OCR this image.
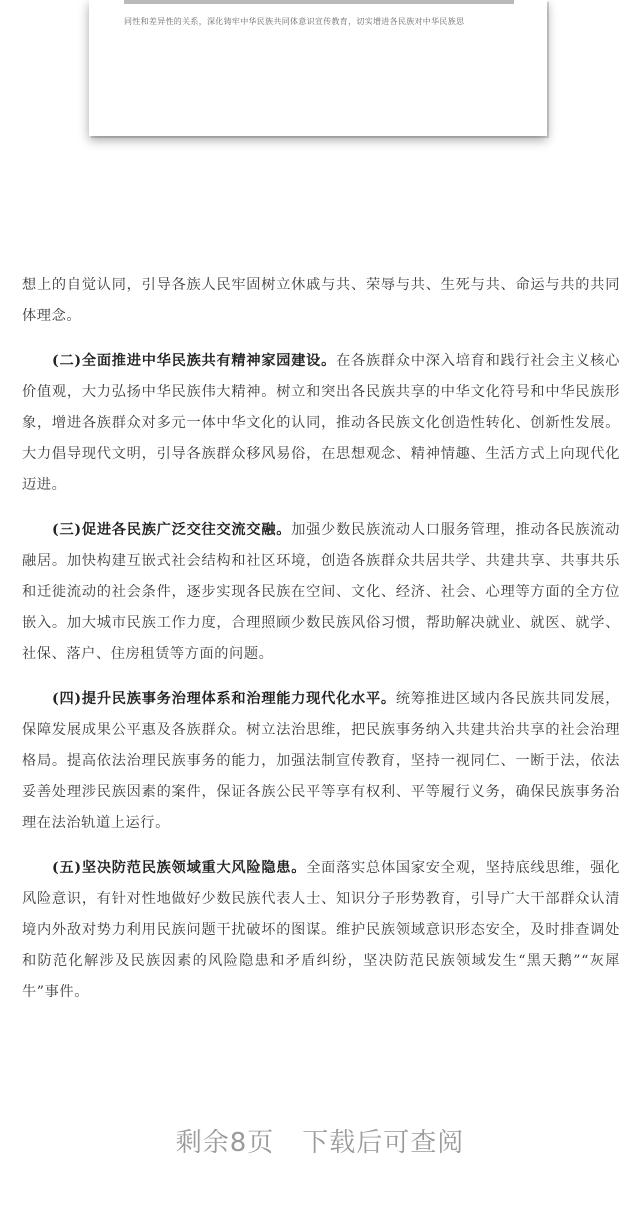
同性和差异性的关系，深化铸牢中华民族共同体意识宣传教育，切实增进各民族对中华民族思

想上的自觉认同，引导各族人民牢固树立休戚与共、荣辱与共、生死与共、命运与共的共同体理念。

(二)全面推进中华民族共有精神家园建设。在各族群众中深入培育和践行社会主义核心价值观，大力弘扬中华民族伟大精神。树立和突出各民族共享的中华文化符号和中华民族形象，增进各族群众对多元一体中华文化的认同，推动各民族文化创造性转化、创新性发展。大力倡导现代文明，引导各族群众移风易俗，在思想观念、精神情趣、生活方式上向现代化迈进。

(三)促进各民族广泛交往交流交融。加强少数民族流动人口服务管理，推动各民族流动融居。加快构建互嵌式社会结构和社区环境，创造各族群众共居共学、共建共享、共事共乐和迁徙流动的社会条件，逐步实现各民族在空间、文化、经济、社会、心理等方面的全方位嵌入。加大城市民族工作力度，合理照顾少数民族风俗习惯，帮助解决就业、就医、就学、社保、落户、住房租赁等方面的问题。

(四)提升民族事务治理体系和治理能力现代化水平。统筹推进区域内各民族共同发展，保障发展成果公平惠及各族群众。树立法治思维，把民族事务纳入共建共治共享的社会治理格局。提高依法治理民族事务的能力，加强法制宣传教育，坚持一视同仁、一断于法，依法妥善处理涉民族因素的案件，保证各族公民平等享有权利、平等履行义务，确保民族事务治理在法治轨道上运行。

(五)坚决防范民族领域重大风险隐患。全面落实总体国家安全观，坚持底线思维，强化风险意识，有针对性地做好少数民族代表人士、知识分子形势教育，引导广大干部群众认清境内外敌对势力利用民族问题干扰破坏的图谋。维护民族领域意识形态安全，及时排查调处和防范化解涉及民族因素的风险隐患和矛盾纠纷，坚决防范民族领域发生“黑天鹅”“灰犀牛”事件。

剩余8页 下载后可查阅
